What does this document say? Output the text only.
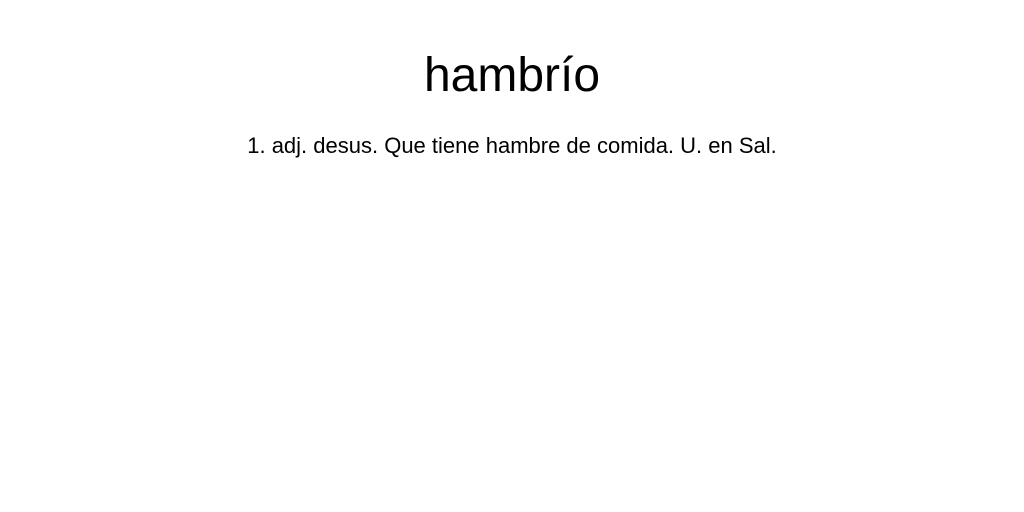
hambrío

1. adj. desus. Que tiene hambre de comida. U. en Sal.
